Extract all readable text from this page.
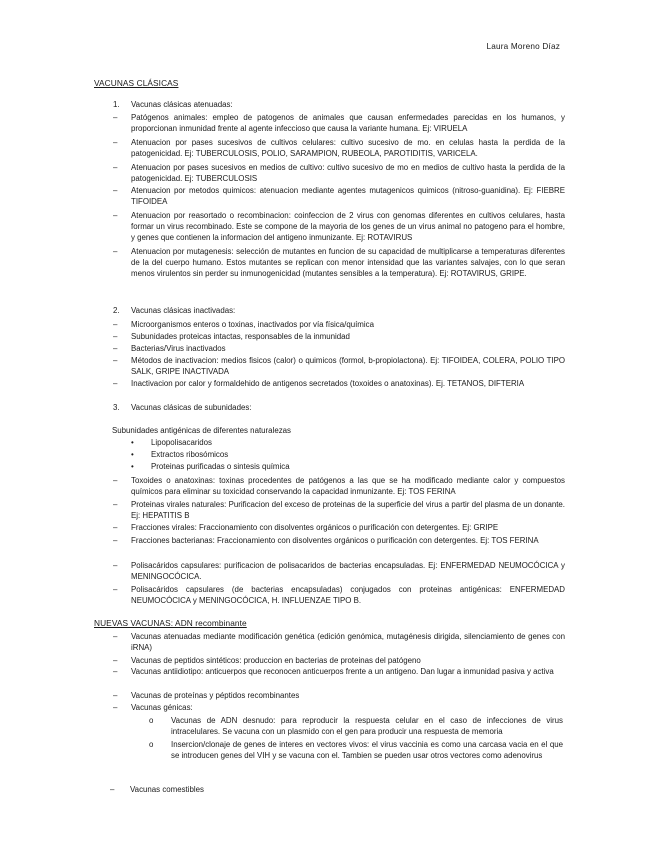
Laura Moreno Díaz
VACUNAS CLÁSICAS
1. Vacunas clásicas atenuadas:
– Patógenos animales: empleo de patogenos de animales que causan enfermedades parecidas en los humanos, y proporcionan inmunidad frente al agente infeccioso que causa la variante humana. Ej: VIRUELA
– Atenuacion por pases sucesivos de cultivos celulares: cultivo sucesivo de mo. en celulas hasta la perdida de la patogenicidad. Ej: TUBERCULOSIS, POLIO, SARAMPION, RUBEOLA, PAROTIDITIS, VARICELA.
– Atenuacion por pases sucesivos en medios de cultivo: cultivo sucesivo de mo en medios de cultivo hasta la perdida de la patogenicidad. Ej: TUBERCULOSIS
– Atenuacion por metodos quimicos: atenuacion mediante agentes mutagenicos quimicos (nitroso-guanidina). Ej: FIEBRE TIFOIDEA
– Atenuacion por reasortado o recombinacion: coinfeccion de 2 virus con genomas diferentes en cultivos celulares, hasta formar un virus recombinado. Este se compone de la mayoria de los genes de un virus animal no patogeno para el hombre, y genes que contienen la informacion del antigeno inmunizante. Ej: ROTAVIRUS
– Atenuacion por mutagenesis: selección de mutantes en funcion de su capacidad de multiplicarse a temperaturas diferentes de la del cuerpo humano. Estos mutantes se replican con menor intensidad que las variantes salvajes, con lo que seran menos virulentos sin perder su inmunogenicidad (mutantes sensibles a la temperatura). Ej: ROTAVIRUS, GRIPE.
2. Vacunas clásicas inactivadas:
– Microorganismos enteros o toxinas, inactivados por vía física/química
– Subunidades proteicas intactas, responsables de la inmunidad
– Bacterias/Virus inactivados
– Métodos de inactivacion: medios fisicos (calor) o quimicos (formol, b-propiolactona). Ej: TIFOIDEA, COLERA, POLIO TIPO SALK, GRIPE INACTIVADA
– Inactivacion por calor y formaldehido de antigenos secretados (toxoides o anatoxinas). Ej. TETANOS, DIFTERIA
3. Vacunas clásicas de subunidades:
Subunidades antigénicas de diferentes naturalezas
• Lipopolisacaridos
• Extractos ribosómicos
• Proteinas purificadas o sintesis química
– Toxoides o anatoxinas: toxinas procedentes de patógenos a las que se ha modificado mediante calor y compuestos químicos para eliminar su toxicidad conservando la capacidad inmunizante. Ej: TOS FERINA
– Proteinas virales naturales: Purificacion del exceso de proteinas de la superficie del virus a partir del plasma de un donante. Ej: HEPATITIS B
– Fracciones virales: Fraccionamiento con disolventes orgánicos o purificación con detergentes. Ej: GRIPE
– Fracciones bacterianas: Fraccionamiento con disolventes orgánicos o purificación con detergentes. Ej: TOS FERINA
– Polisacáridos capsulares: purificacion de polisacaridos de bacterias encapsuladas. Ej: ENFERMEDAD NEUMOCÓCICA y MENINGOCÓCICA.
– Polisacáridos capsulares (de bacterias encapsuladas) conjugados con proteinas antigénicas: ENFERMEDAD NEUMOCÓCICA y MENINGOCÓCICA, H. INFLUENZAE TIPO B.
NUEVAS VACUNAS: ADN recombinante
– Vacunas atenuadas mediante modificación genética (edición genómica, mutagénesis dirigida, silenciamiento de genes con iRNA)
– Vacunas de peptidos sintéticos: produccion en bacterias de proteinas del patógeno
– Vacunas antiidiotipo: anticuerpos que reconocen anticuerpos frente a un antigeno. Dan lugar a inmunidad pasiva y activa
– Vacunas de proteínas y péptidos recombinantes
– Vacunas génicas:
o Vacunas de ADN desnudo: para reproducir la respuesta celular en el caso de infecciones de virus intracelulares. Se vacuna con un plasmido con el gen para producir una respuesta de memoria
o Insercion/clonaje de genes de interes en vectores vivos: el virus vaccinia es como una carcasa vacia en el que se introducen genes del VIH y se vacuna con el. Tambien se pueden usar otros vectores como adenovirus
– Vacunas comestibles
